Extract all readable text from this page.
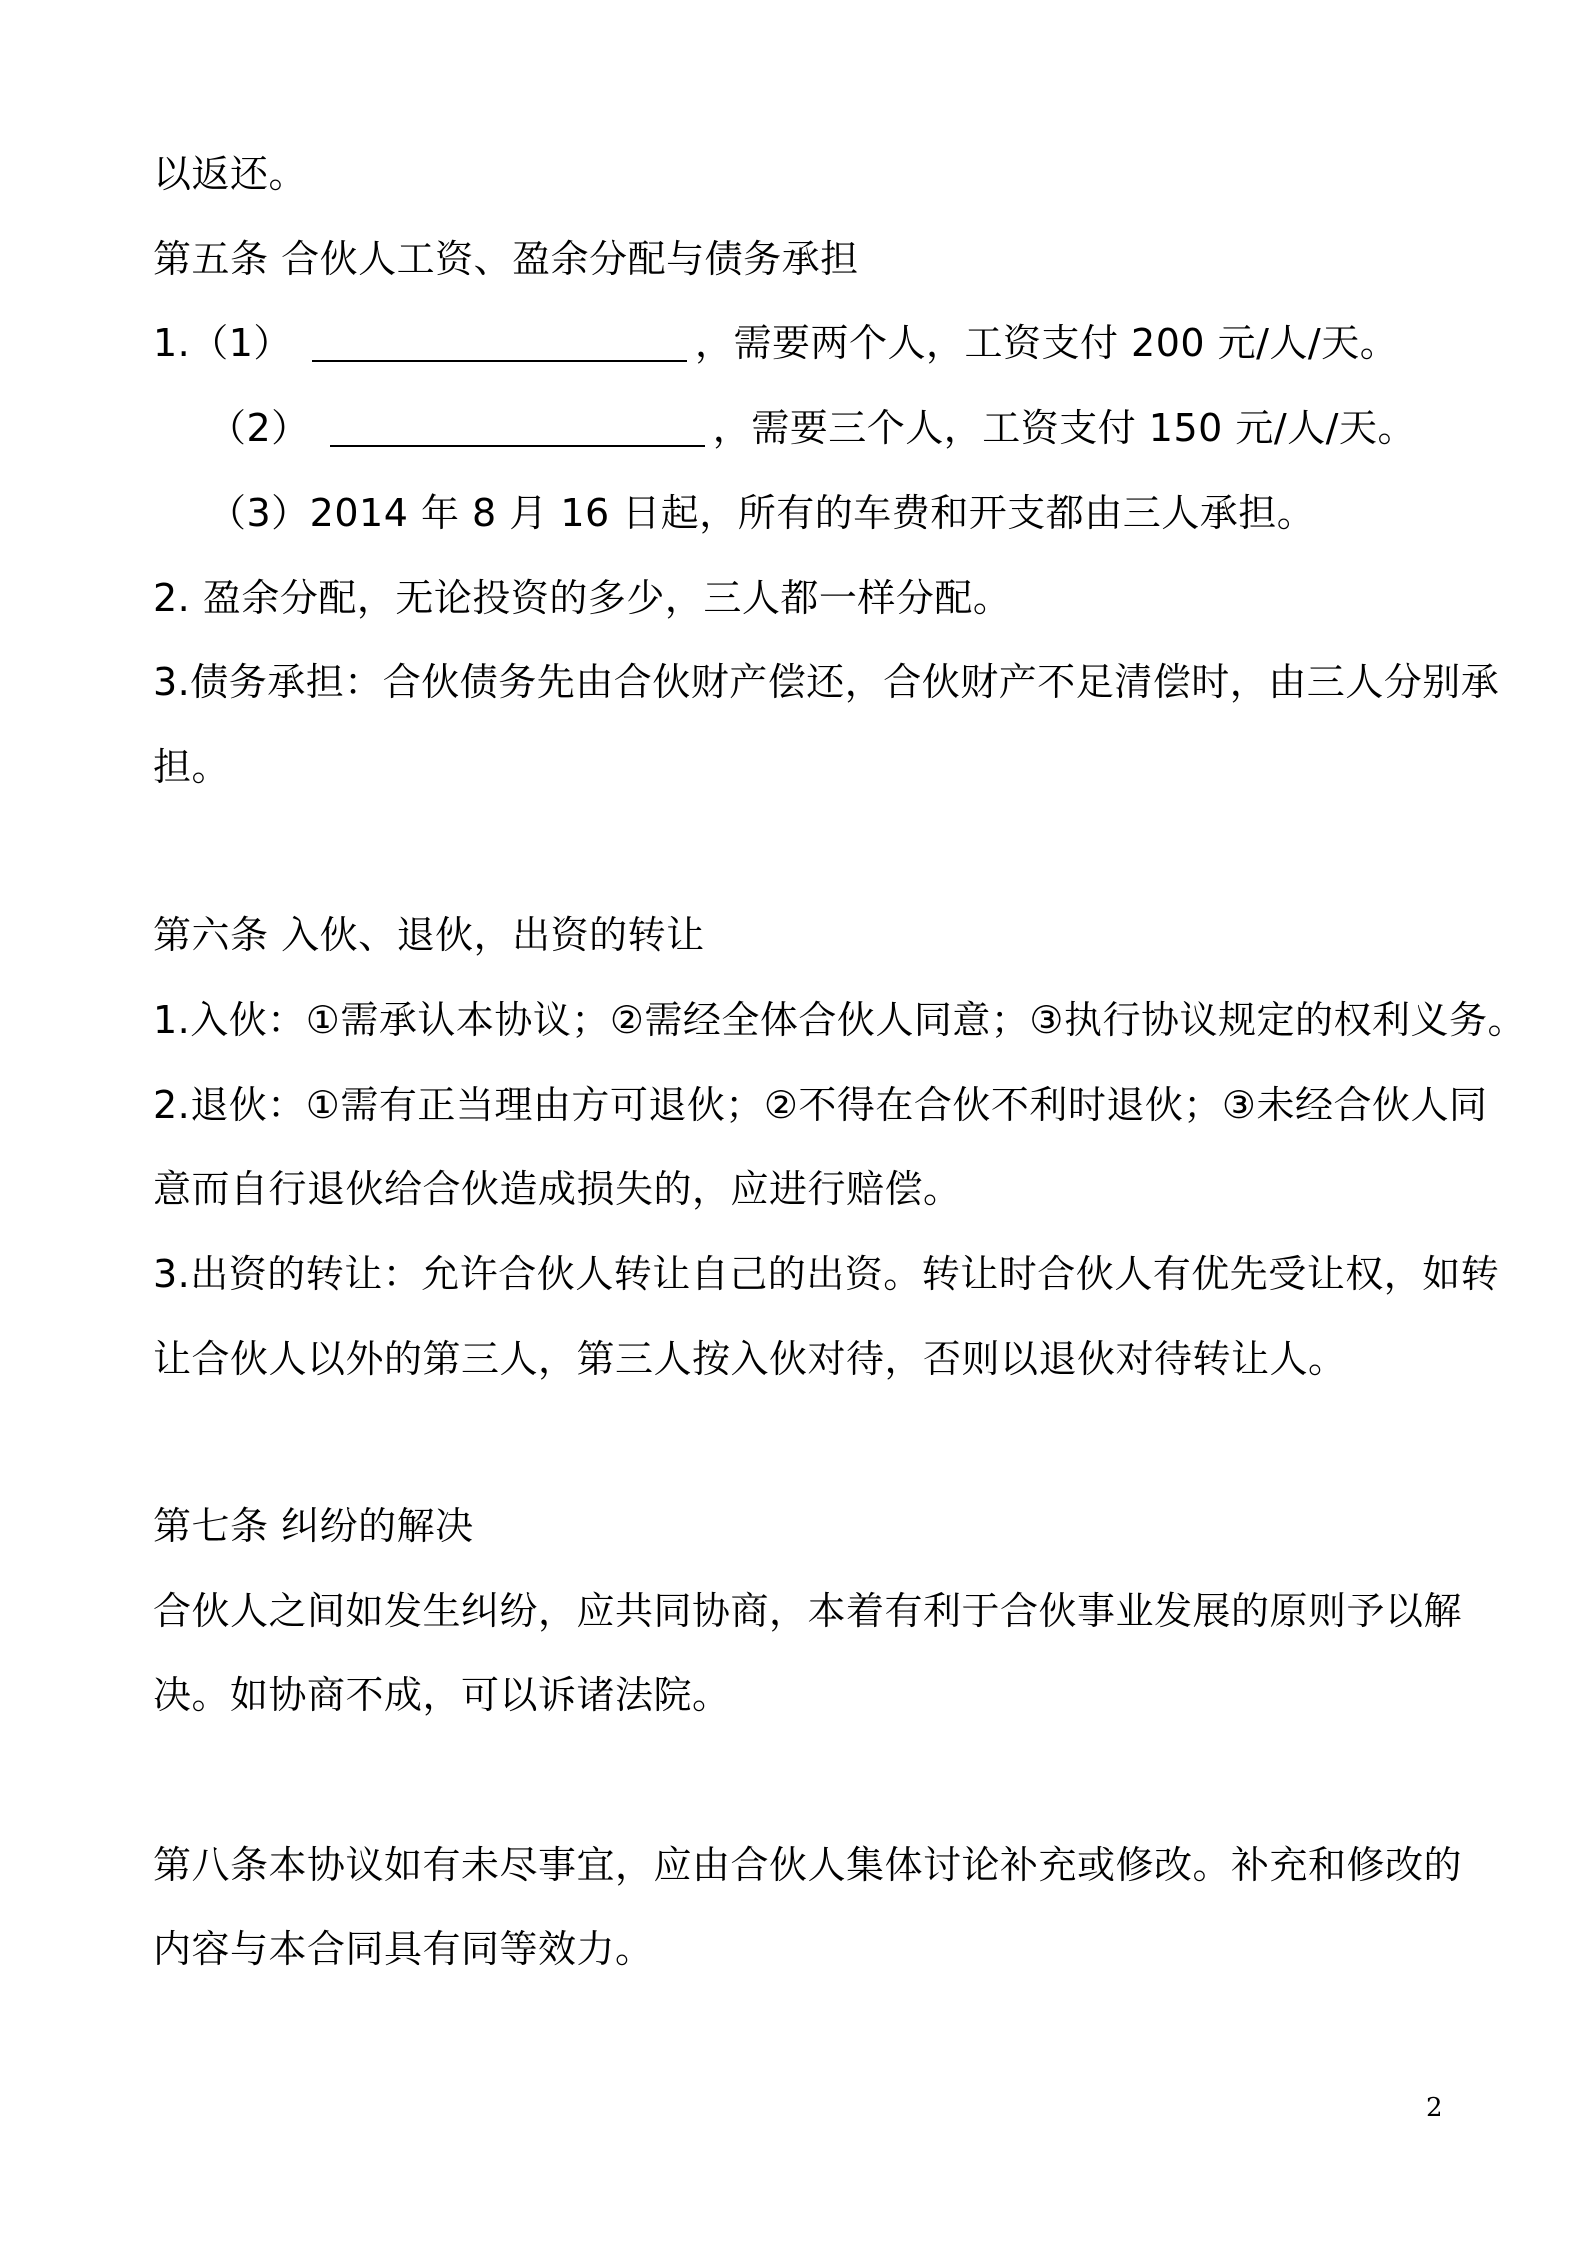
以返还。
第五条 合伙人工资、盈余分配与债务承担
1.（1）	，需要两个人，工资支付 200 元/人/天。
（2）	，需要三个人，工资支付 150 元/人/天。
（3）2014 年 8 月 16 日起，所有的车费和开支都由三人承担。
2. 盈余分配，无论投资的多少，三人都一样分配。
3.债务承担：合伙债务先由合伙财产偿还，合伙财产不足清偿时，由三人分别承
担。
第六条 入伙、退伙，出资的转让
1.入伙：①需承认本协议；②需经全体合伙人同意；③执行协议规定的权利义务。
2.退伙：①需有正当理由方可退伙；②不得在合伙不利时退伙；③未经合伙人同
意而自行退伙给合伙造成损失的，应进行赔偿。
3.出资的转让：允许合伙人转让自己的出资。转让时合伙人有优先受让权，如转
让合伙人以外的第三人，第三人按入伙对待，否则以退伙对待转让人。
第七条 纠纷的解决
合伙人之间如发生纠纷，应共同协商，本着有利于合伙事业发展的原则予以解
决。如协商不成，可以诉诸法院。
第八条本协议如有未尽事宜，应由合伙人集体讨论补充或修改。补充和修改的
内容与本合同具有同等效力。
2
